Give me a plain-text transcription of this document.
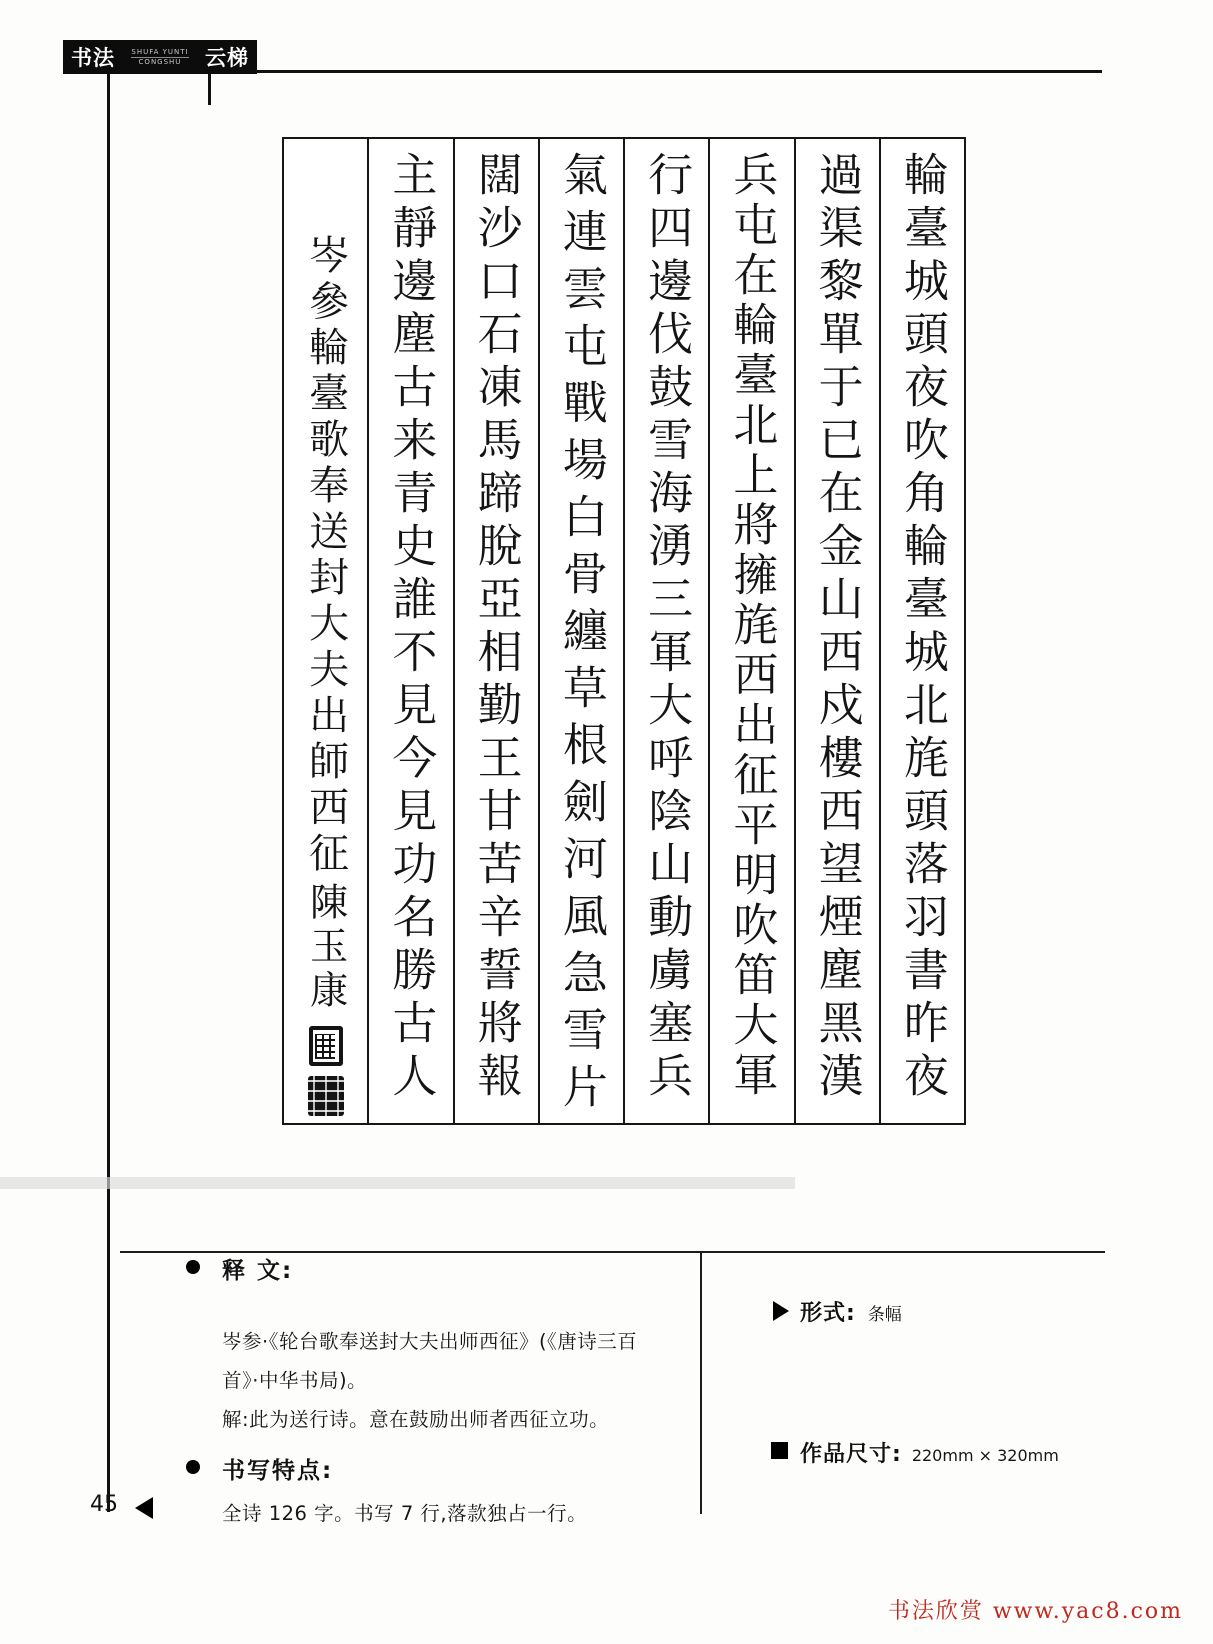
书法 SHUFA YUNTI
CONGSHU 云梯
輪臺城頭夜吹角輪臺城北旄頭落羽書昨夜
過渠黎單于已在金山西戍樓西望煙塵黑漢
兵屯在輪臺北上將擁旄西出征平明吹笛大軍
行四邊伐鼓雪海湧三軍大呼陰山動虜塞兵
氣連雲屯戰場白骨纏草根劍河風急雪片
闊沙口石凍馬蹄脫亞相勤王甘苦辛誓將報
主靜邊塵古来青史誰不見今見功名勝古人
岑參輪臺歌奉送封大夫出師西征
陳玉康
释 文:
岑参·《轮台歌奉送封大夫出师西征》(《唐诗三百
首》·中华书局)。
解:此为送行诗。意在鼓励出师者西征立功。
书写特点:
全诗 126 字。书写 7 行,落款独占一行。
形式: 条幅
作品尺寸: 220mm × 320mm
45
书法欣赏 www.yac8.com
